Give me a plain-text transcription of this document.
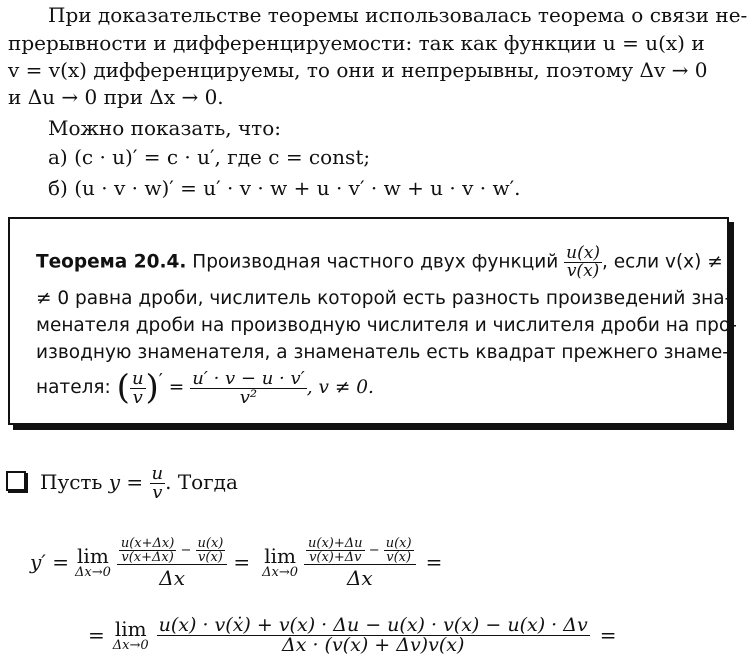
При доказательстве теоремы использовалась теорема о связи не-
прерывности и дифференцируемости: так как функции u = u(x) и
v = v(x) дифференцируемы, то они и непрерывны, поэтому Δv → 0
и Δu → 0 при Δx → 0.
Можно показать, что:
а) (c · u)′ = c · u′, где c = const;
б) (u · v · w)′ = u′ · v · w + u · v′ · w + u · v · w′.
Теорема 20.4. Производная частного двух функций $\frac{u(x)}{v(x)}$ , если v(x) ≠
≠ 0 равна дроби, числитель которой есть разность произведений зна-
менателя дроби на производную числителя и числителя дроби на про-
изводную знаменателя, а знаменатель есть квадрат прежнего знаме-
нателя: ( $\frac{u}{v} )' = \frac{u' \cdot v - u \cdot v'}{\text{v²}}$ , v ≠ 0.
Пусть $y = \frac{u}{v}$ . Тогда
y′ = lim
$\Delta x\to 0 \frac{\frac{u(x+\Delta x)}{v(x+\Delta x)} - \frac{u(x)}{v(x)}}{\Delta x} = \lim$
$\Delta x\to 0 \frac{\frac{u(x)+\Delta u}{v(x)+\Delta v} - \frac{u(x)}{v(x)}}{\Delta x}$ =
= lim
$\Delta x\to 0 \frac{\text{u(x) · v(ẋ) + v(x) · Δu − u(x) · v(x) − u(x) · Δv}}{\Delta x \cdot (v(x) + \Delta v)v(x)}$ =
